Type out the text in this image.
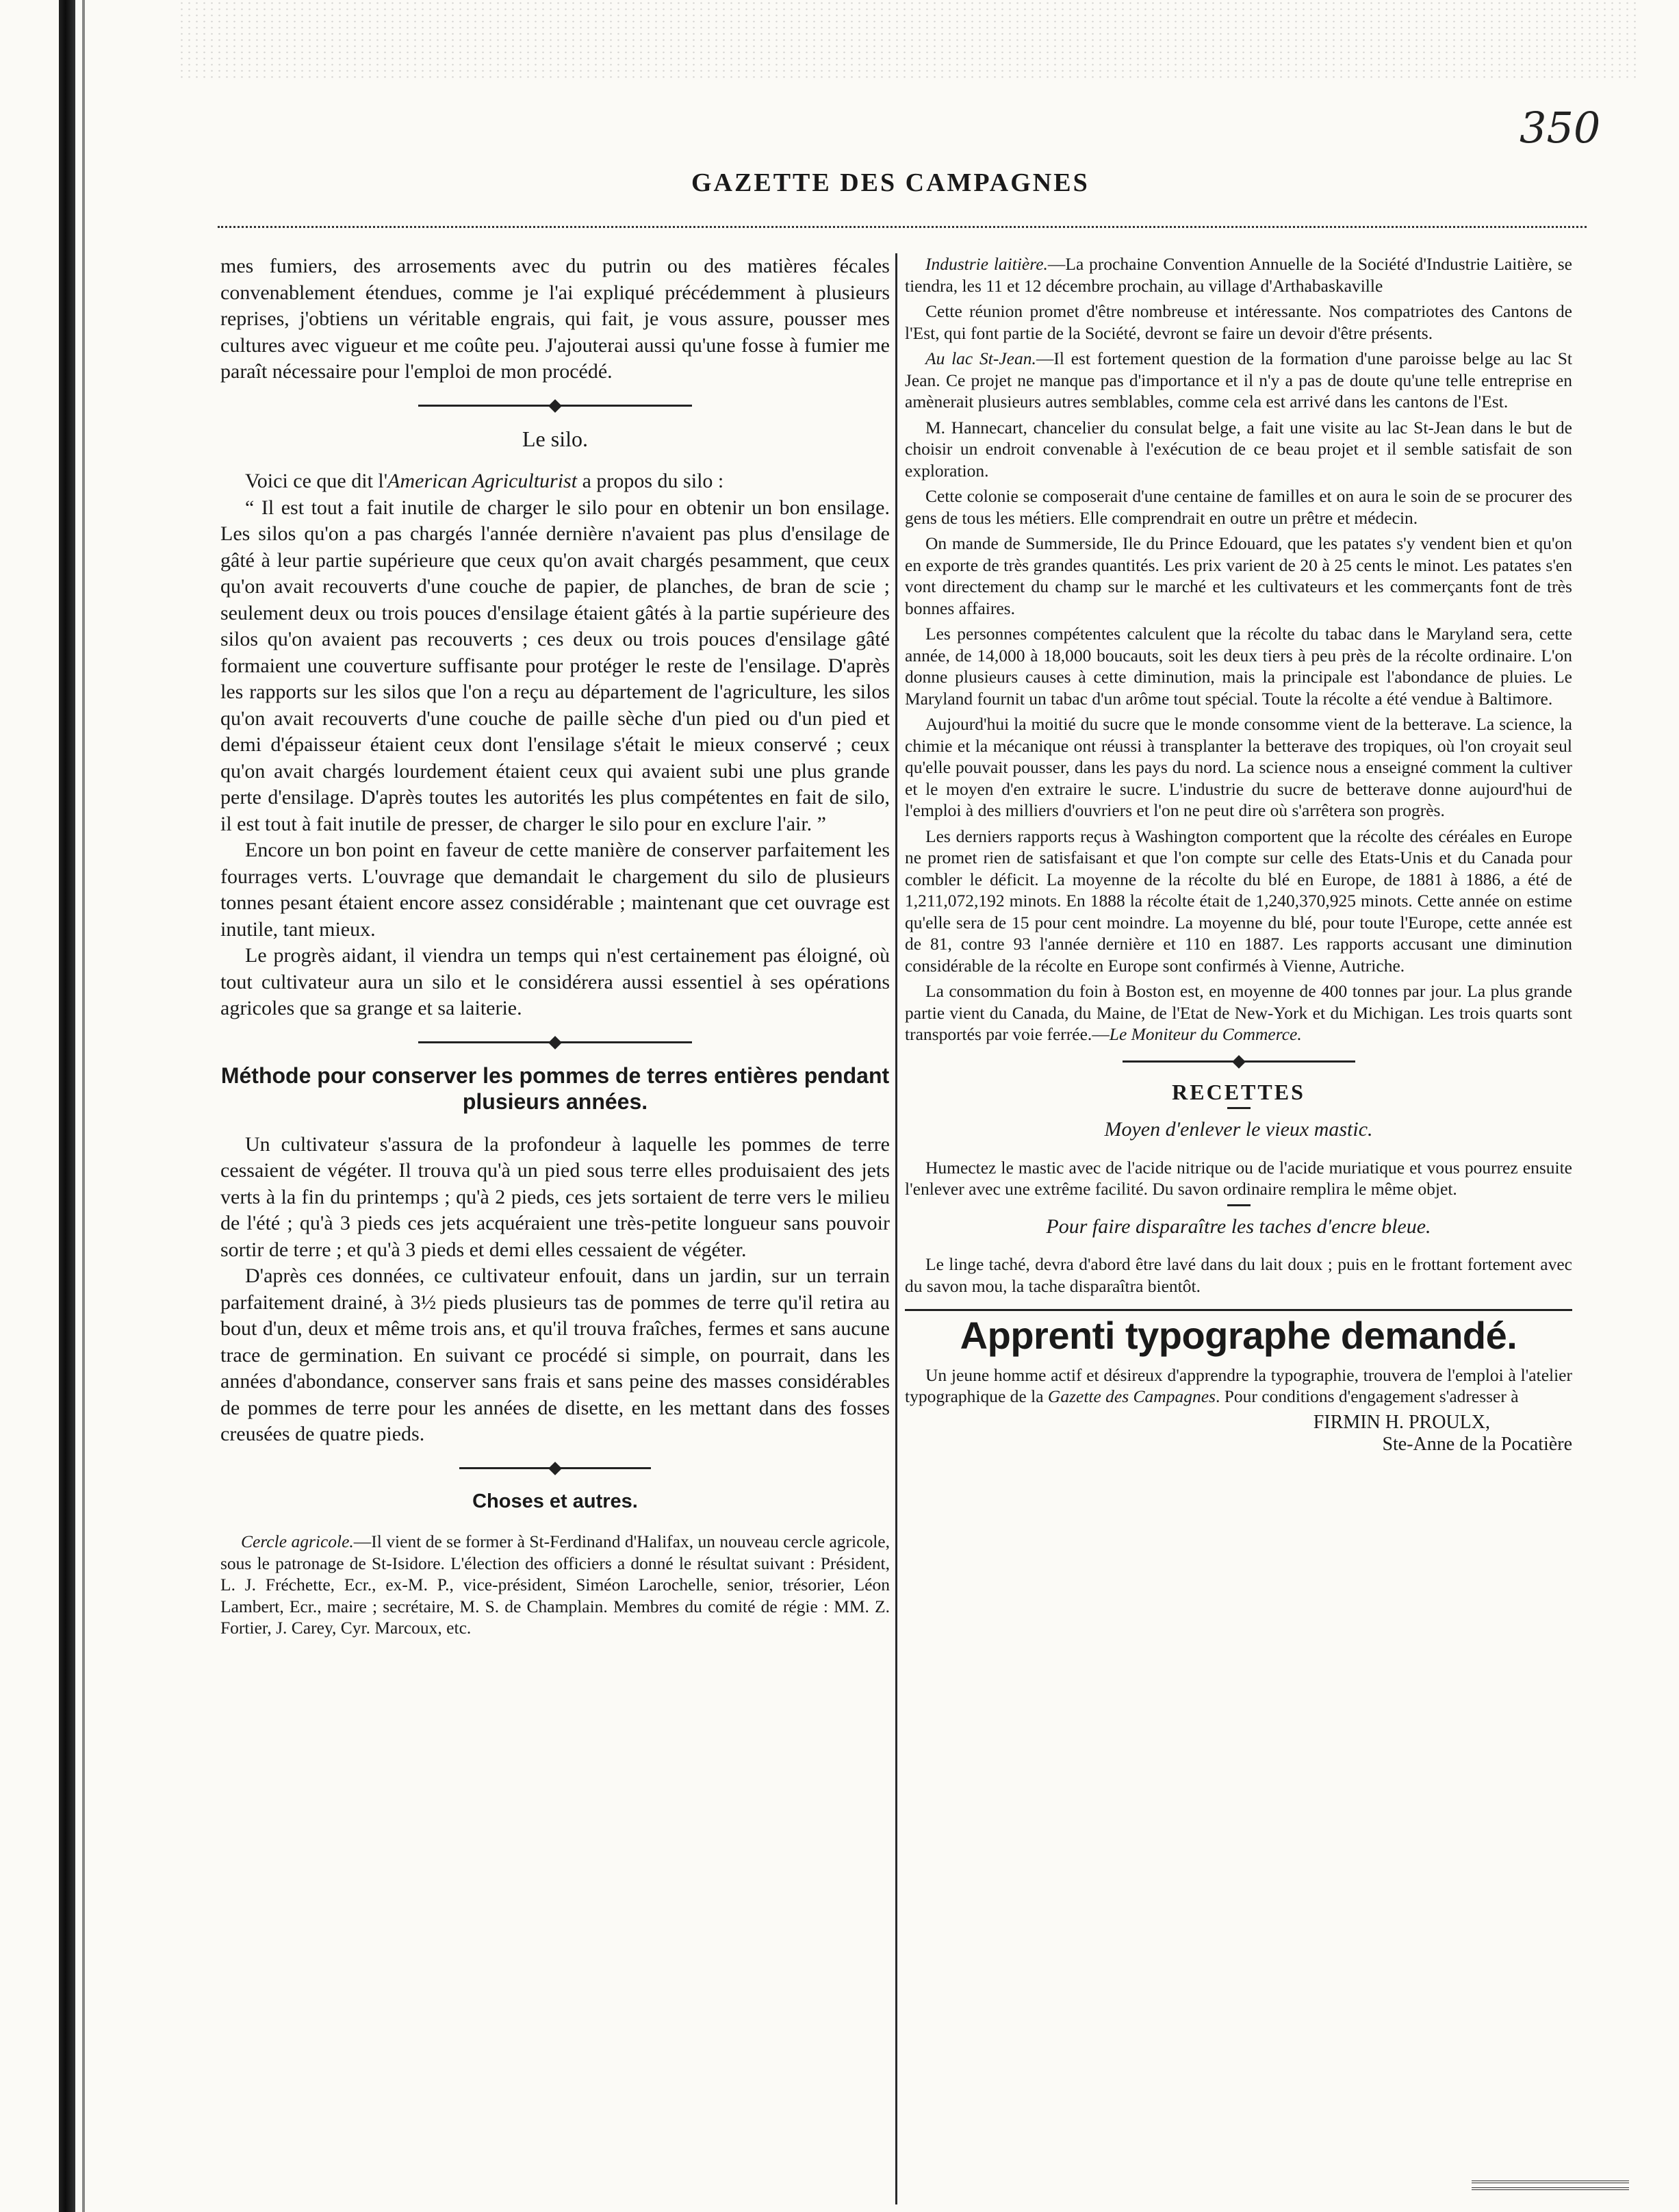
350
GAZETTE DES CAMPAGNES

mes fumiers, des arrosements avec du putrin ou des matières fécales convenablement étendues, comme je l'ai expliqué précédemment à plusieurs reprises, j'obtiens un véritable engrais, qui fait, je vous assure, pousser mes cultures avec vigueur et me coûte peu. J'ajouterai aussi qu'une fosse à fumier me paraît nécessaire pour l'emploi de mon procédé.

Le silo.

Voici ce que dit l'American Agriculturist a propos du silo :

“ Il est tout a fait inutile de charger le silo pour en obtenir un bon ensilage. Les silos qu'on a pas chargés l'année dernière n'avaient pas plus d'ensilage de gâté à leur partie supérieure que ceux qu'on avait chargés pesamment, que ceux qu'on avait recouverts d'une couche de papier, de planches, de bran de scie ; seulement deux ou trois pouces d'ensilage étaient gâtés à la partie supérieure des silos qu'on avaient pas recouverts ; ces deux ou trois pouces d'ensilage gâté formaient une couverture suffisante pour protéger le reste de l'ensilage. D'après les rapports sur les silos que l'on a reçu au département de l'agriculture, les silos qu'on avait recouverts d'une couche de paille sèche d'un pied ou d'un pied et demi d'épaisseur étaient ceux dont l'ensilage s'était le mieux conservé ; ceux qu'on avait chargés lourdement étaient ceux qui avaient subi une plus grande perte d'ensilage. D'après toutes les autorités les plus compétentes en fait de silo, il est tout à fait inutile de presser, de charger le silo pour en exclure l'air. ”

Encore un bon point en faveur de cette manière de conserver parfaitement les fourrages verts. L'ouvrage que demandait le chargement du silo de plusieurs tonnes pesant étaient encore assez considérable ; maintenant que cet ouvrage est inutile, tant mieux.

Le progrès aidant, il viendra un temps qui n'est certainement pas éloigné, où tout cultivateur aura un silo et le considérera aussi essentiel à ses opérations agricoles que sa grange et sa laiterie.

Méthode pour conserver les pommes de terres entières pendant plusieurs années.

Un cultivateur s'assura de la profondeur à laquelle les pommes de terre cessaient de végéter. Il trouva qu'à un pied sous terre elles produisaient des jets verts à la fin du printemps ; qu'à 2 pieds, ces jets sortaient de terre vers le milieu de l'été ; qu'à 3 pieds ces jets acquéraient une très-petite longueur sans pouvoir sortir de terre ; et qu'à 3 pieds et demi elles cessaient de végéter.

D'après ces données, ce cultivateur enfouit, dans un jardin, sur un terrain parfaitement drainé, à 3½ pieds plusieurs tas de pommes de terre qu'il retira au bout d'un, deux et même trois ans, et qu'il trouva fraîches, fermes et sans aucune trace de germination. En suivant ce procédé si simple, on pourrait, dans les années d'abondance, conserver sans frais et sans peine des masses considérables de pommes de terre pour les années de disette, en les mettant dans des fosses creusées de quatre pieds.

Choses et autres.

Cercle agricole.—Il vient de se former à St-Ferdinand d'Halifax, un nouveau cercle agricole, sous le patronage de St-Isidore. L'élection des officiers a donné le résultat suivant : Président, L. J. Fréchette, Ecr., ex-M. P., vice-président, Siméon Larochelle, senior, trésorier, Léon Lambert, Ecr., maire ; secrétaire, M. S. de Champlain. Membres du comité de régie : MM. Z. Fortier, J. Carey, Cyr. Marcoux, etc.

Industrie laitière.—La prochaine Convention Annuelle de la Société d'Industrie Laitière, se tiendra, les 11 et 12 décembre prochain, au village d'Arthabaskaville

Cette réunion promet d'être nombreuse et intéressante. Nos compatriotes des Cantons de l'Est, qui font partie de la Société, devront se faire un devoir d'être présents.

Au lac St-Jean.—Il est fortement question de la formation d'une paroisse belge au lac St Jean. Ce projet ne manque pas d'importance et il n'y a pas de doute qu'une telle entreprise en amènerait plusieurs autres semblables, comme cela est arrivé dans les cantons de l'Est.

M. Hannecart, chancelier du consulat belge, a fait une visite au lac St-Jean dans le but de choisir un endroit convenable à l'exécution de ce beau projet et il semble satisfait de son exploration.

Cette colonie se composerait d'une centaine de familles et on aura le soin de se procurer des gens de tous les métiers. Elle comprendrait en outre un prêtre et médecin.

On mande de Summerside, Ile du Prince Edouard, que les patates s'y vendent bien et qu'on en exporte de très grandes quantités. Les prix varient de 20 à 25 cents le minot. Les patates s'en vont directement du champ sur le marché et les cultivateurs et les commerçants font de très bonnes affaires.

Les personnes compétentes calculent que la récolte du tabac dans le Maryland sera, cette année, de 14,000 à 18,000 boucauts, soit les deux tiers à peu près de la récolte ordinaire. L'on donne plusieurs causes à cette diminution, mais la principale est l'abondance de pluies. Le Maryland fournit un tabac d'un arôme tout spécial. Toute la récolte a été vendue à Baltimore.

Aujourd'hui la moitié du sucre que le monde consomme vient de la betterave. La science, la chimie et la mécanique ont réussi à transplanter la betterave des tropiques, où l'on croyait seul qu'elle pouvait pousser, dans les pays du nord. La science nous a enseigné comment la cultiver et le moyen d'en extraire le sucre. L'industrie du sucre de betterave donne aujourd'hui de l'emploi à des milliers d'ouvriers et l'on ne peut dire où s'arrêtera son progrès.

Les derniers rapports reçus à Washington comportent que la récolte des céréales en Europe ne promet rien de satisfaisant et que l'on compte sur celle des Etats-Unis et du Canada pour combler le déficit. La moyenne de la récolte du blé en Europe, de 1881 à 1886, a été de 1,211,072,192 minots. En 1888 la récolte était de 1,240,370,925 minots. Cette année on estime qu'elle sera de 15 pour cent moindre. La moyenne du blé, pour toute l'Europe, cette année est de 81, contre 93 l'année dernière et 110 en 1887. Les rapports accusant une diminution considérable de la récolte en Europe sont confirmés à Vienne, Autriche.

La consommation du foin à Boston est, en moyenne de 400 tonnes par jour. La plus grande partie vient du Canada, du Maine, de l'Etat de New-York et du Michigan. Les trois quarts sont transportés par voie ferrée.—Le Moniteur du Commerce.

RECETTES
Moyen d'enlever le vieux mastic.

Humectez le mastic avec de l'acide nitrique ou de l'acide muriatique et vous pourrez ensuite l'enlever avec une extrême facilité. Du savon ordinaire remplira le même objet.

Pour faire disparaître les taches d'encre bleue.

Le linge taché, devra d'abord être lavé dans du lait doux ; puis en le frottant fortement avec du savon mou, la tache disparaîtra bientôt.

Apprenti typographe demandé.

Un jeune homme actif et désireux d'apprendre la typographie, trouvera de l'emploi à l'atelier typographique de la Gazette des Campagnes. Pour conditions d'engagement s'adresser à

FIRMIN H. PROULX,
Ste-Anne de la Pocatière
